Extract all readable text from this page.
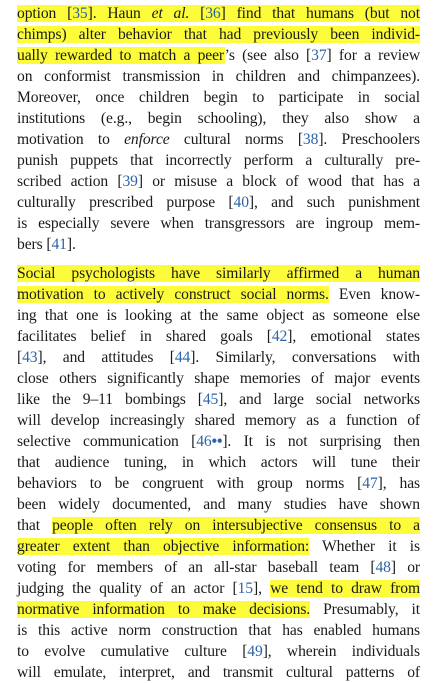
option [35]. Haun et al. [36] find that humans (but not
chimps) alter behavior that had previously been individ-
ually rewarded to match a peer’s (see also [37] for a review
on conformist transmission in children and chimpanzees).
Moreover, once children begin to participate in social
institutions (e.g., begin schooling), they also show a
motivation to enforce cultural norms [38]. Preschoolers
punish puppets that incorrectly perform a culturally pre-
scribed action [39] or misuse a block of wood that has a
culturally prescribed purpose [40], and such punishment
is especially severe when transgressors are ingroup mem-
bers [41].
Social psychologists have similarly affirmed a human
motivation to actively construct social norms. Even know-
ing that one is looking at the same object as someone else
facilitates belief in shared goals [42], emotional states
[43], and attitudes [44]. Similarly, conversations with
close others significantly shape memories of major events
like the 9–11 bombings [45], and large social networks
will develop increasingly shared memory as a function of
selective communication [46••]. It is not surprising then
that audience tuning, in which actors will tune their
behaviors to be congruent with group norms [47], has
been widely documented, and many studies have shown
that people often rely on intersubjective consensus to a
greater extent than objective information: Whether it is
voting for members of an all-star baseball team [48] or
judging the quality of an actor [15], we tend to draw from
normative information to make decisions. Presumably, it
is this active norm construction that has enabled humans
to evolve cumulative culture [49], wherein individuals
will emulate, interpret, and transmit cultural patterns of
